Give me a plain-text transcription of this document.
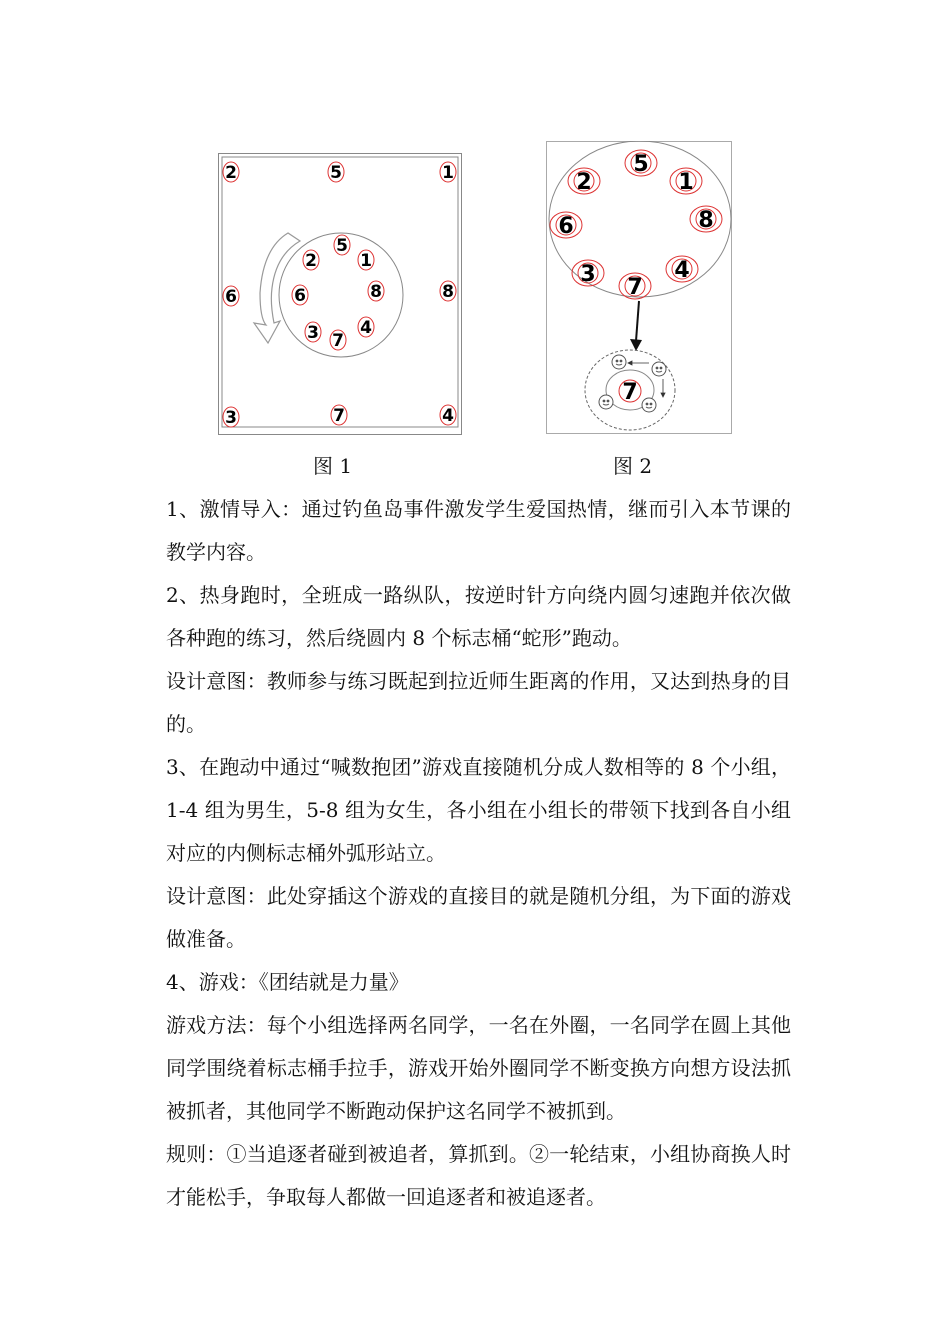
2	5	1
6	8
3	7	4
5
2	1
6	8
3 7
4
5
2	1
6	8
3	4
7
7
图 1	图 2

1、激情导入：通过钓鱼岛事件激发学生爱国热情，继而引入本节课的教学内容。

2、热身跑时，全班成一路纵队，按逆时针方向绕内圆匀速跑并依次做各种跑的练习，然后绕圆内 8 个标志桶“蛇形”跑动。

设计意图：教师参与练习既起到拉近师生距离的作用，又达到热身的目的。

3、在跑动中通过“喊数抱团”游戏直接随机分成人数相等的 8 个小组，1-4 组为男生，5-8 组为女生，各小组在小组长的带领下找到各自小组对应的内侧标志桶外弧形站立。

设计意图：此处穿插这个游戏的直接目的就是随机分组，为下面的游戏做准备。

4、游戏：《团结就是力量》

游戏方法：每个小组选择两名同学，一名在外圈，一名同学在圆上其他同学围绕着标志桶手拉手，游戏开始外圈同学不断变换方向想方设法抓被抓者，其他同学不断跑动保护这名同学不被抓到。

规则：①当追逐者碰到被追者，算抓到。②一轮结束，小组协商换人时才能松手，争取每人都做一回追逐者和被追逐者。
